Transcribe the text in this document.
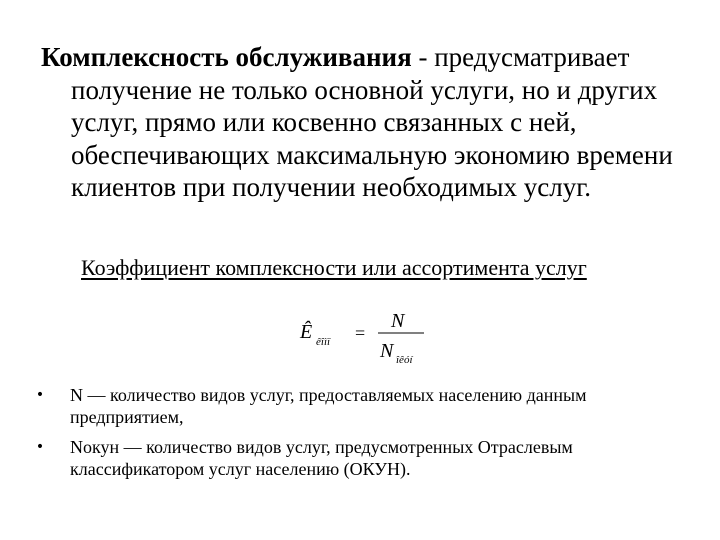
Комплексность обслуживания - предусматривает получение не только основной услуги, но и других услуг, прямо или косвенно связанных с ней, обеспечивающих максимальную экономию времени клиентов при получении необходимых услуг.

Коэффициент комплексности или ассортимента услуг
Ê êîìï =
N
N îêóí
•	N — количество видов услуг, предоставляемых населению данным предприятием,
•	Nокун — количество видов услуг, предусмотренных Отраслевым классификатором услуг населению (ОКУН).
